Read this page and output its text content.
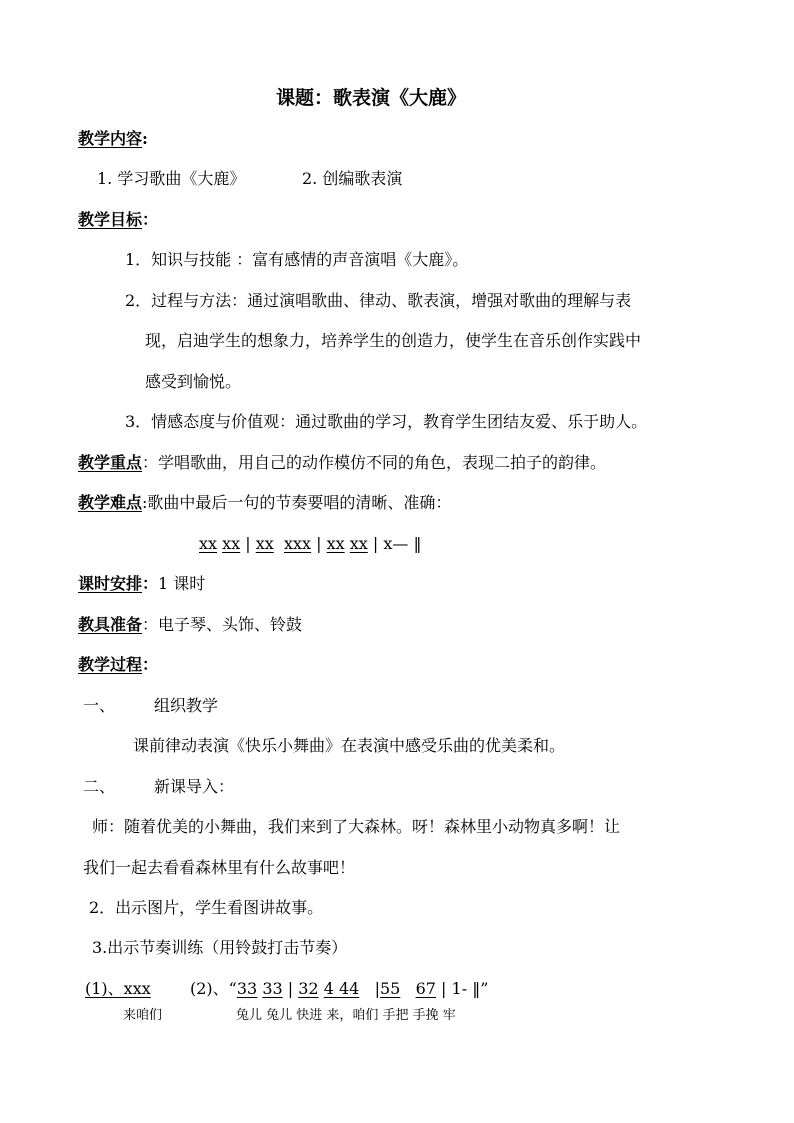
课题：歌表演《大鹿》
教学内容:
1. 学习歌曲《大鹿》	2. 创编歌表演
教学目标：
1．知识与技能 ：富有感情的声音演唱《大鹿》。
2．过程与方法：通过演唱歌曲、律动、歌表演，增强对歌曲的理解与表
现，启迪学生的想象力，培养学生的创造力，使学生在音乐创作实践中
感受到愉悦。
3．情感态度与价值观：通过歌曲的学习，教育学生团结友爱、乐于助人。
教学重点：学唱歌曲，用自己的动作模仿不同的角色，表现二拍子的韵律。
教学难点:歌曲中最后一句的节奏要唱的清晰、准确：
xx xx | xx xxx | xx xx | x— ‖
课时安排：1 课时
教具准备：电子琴、头饰、铃鼓
教学过程：
一、 组织教学
课前律动表演《快乐小舞曲》在表演中感受乐曲的优美柔和。
二、 新课导入：
师：随着优美的小舞曲，我们来到了大森林。呀！森林里小动物真多啊！让
我们一起去看看森林里有什么故事吧！
2．出示图片，学生看图讲故事。
3.出示节奏训练（用铃鼓打击节奏）
(1)、xxx (2)、“33 33 | 32 4 44   |55 67 | 1- ‖”
来咱们	兔儿 兔儿 快进 来，咱们 手把 手挽 牢
